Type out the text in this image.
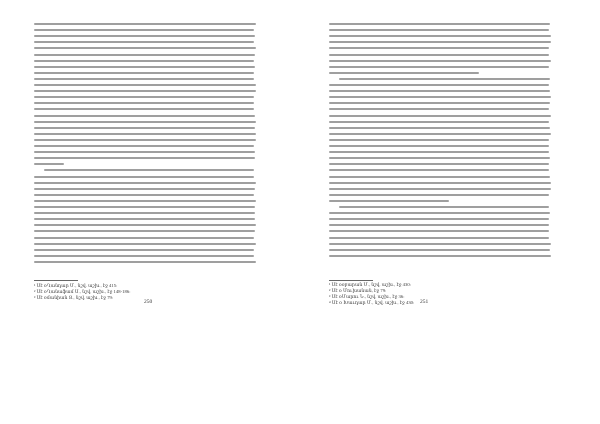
¹ Սէ օՂանդար Մ., նշվ. աշխ., էջ 415:
² Սէ օՂանաֆամ Ս., նշվ. աշխ., էջ 148-186:
³ Սէ օմանիան Ց., նշվ. աշխ., էջ 79:
250
¹ Սէ օօբարան Մ., նշվ. աշխ., էջ 430:
² Սէ օ Մուխանան, էջ 79:
³ Սէ օՄարու Ն., նշվ. աշխ., էջ 36:
⁴ Սէ օ Խաւդար Մ., նշվ. աշխ., էջ 430: 251
